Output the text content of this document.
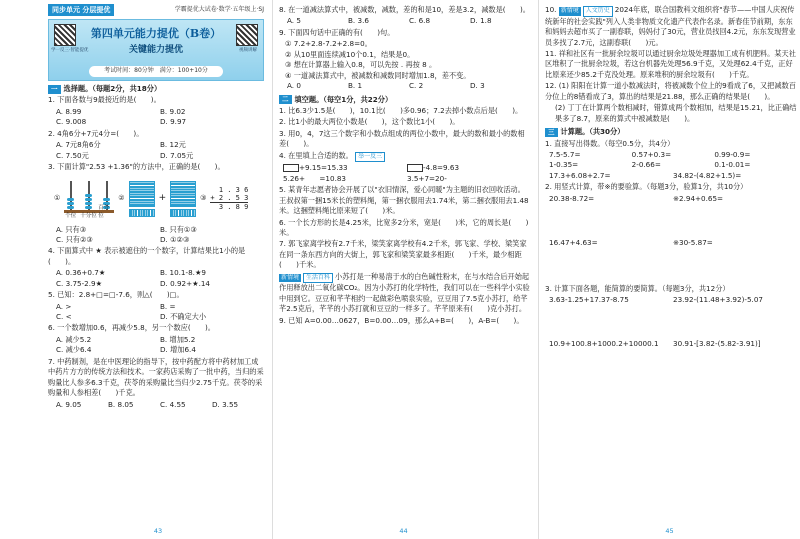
同步单元 分层提优	学霸提优大试卷·数学·五年级上·SJ
学一反三·智能提优
第四单元能力提优（B卷）
关键能力提优
考试时间：80分钟　满分：100+10分
视频讲解
一 选择题。（每题2分，共18分）
1. 下面各数与9最接近的是(　　)。
A. 8.99	B. 9.02
C. 9.008	D. 9.97
2. 4角6分+7元4分=(　　)。
A. 7元8角6分	B. 12元
C. 7.50元	D. 7.05元
3. 下面计算"2.53 +1.36"的方法中，正确的是(　　)。
①
个位 十分位
百分位
②	+	③
1 . 3 6
+ 2 . 5 3
3 . 8 9
A. 只有③	B. 只有①③
C. 只有②③	D. ①②③
4. 下面算式中 ★ 表示被遮住的一个数字，计算结果比1小的是(　　)。
A. 0.36+0.7★	B. 10.1-8.★9
C. 3.75-2.9★	D. 0.92+★.14
5. 已知：2.8+□=□-7.6，则△(　　)□。
A. >	B. =
C. <	D. 不确定大小
6. 一个数增加0.6，再减少5.8，另一个数应(　　)。
A. 减少5.2	B. 增加5.2
C. 减少6.4	D. 增加6.4
7. 中药制剂，是在中医理论的指导下，按中药配方将中药材加工成中药片方方的传统方法和技术。一家药店采购了一批中药，当归的采购量比人参多6.3千克，茯苓的采购量比当归少2.75千克。茯苓的采购量和人参相差(　　)千克。
A. 9.05	B. 8.05	C. 4.55	D. 3.55
43
8. 在一道减法算式中，被减数，减数，差的和是10，差是3.2，减数是(　　)。
A. 5	B. 3.6	C. 6.8	D. 1.8
9. 下面四句话中正确的有(　　)句。
① 7.2+2.8-7.2+2.8=0。
② 从10里面连续减10个0.1，结果是0。
③ 想在计算器上输入0.8，可以先按 . 再按 8 。
④ 一道减法算式中，被减数和减数同时增加1.8，差不变。
A. 0	B. 1	C. 2	D. 3
二 填空题。（每空1分，共22分）
1. 比6.3少1.5是(　　)，10.1比(　　)多0.96；7.2去掉小数点后是(　　)。
2. 比1小的最大两位小数是(　　)，这个数比1小(　　)。
3. 用0，4，7这三个数字和小数点组成的两位小数中，最大的数和最小的数相差(　　)。
4. 在里填上合适的数。 举一反三
+9.15=15.33	-4.8=9.63
5.26+　　=10.83	3.5+7=20-　　
5. 某青年志愿者协会开展了以"衣旧情深，爱心同暖"为主题的旧衣回收活动。王叔叔第一捆15米长的塑料绳，第一捆衣服用去1.74米，第二捆衣服用去1.48米。这捆塑料绳比原来短了(　　)米。
6. 一个长方形的长是4.25米，比宽多2分米，宽是(　　)米，它的周长是(　　)米。
7. 郭飞家离学校有2.7千米，梁笑家离学校有4.2千米，郭飞家、学校、梁笑家在同一条东西方向的大街上，郭飞家和梁笑家最多相距(　　)千米，最少相距(　　)千米。
新情境 生活百科 小苏打是一种易溶于水的白色碱性粉末，在与水结合后开始起作用释放出二氧化碳CO₂。因为小苏打的化学特性，我们可以在一些科学小实验中用到它。豆豆和芊芊相约一起做彩色喷泉实验，豆豆用了7.5克小苏打，给芊芊2.5克后，芊芊的小苏打就和豆豆的一样多了。芊芊原来有(　　)克小苏打。
9. 已知 A=0.00…0627，B=0.00…09，那么A+B=(　　)，A-B=(　　)。
44
10. 新情境 人文历史 2024年底，联合国教科文组织将"春节——中国人庆祝传统新年的社会实践"列入人类非物质文化遗产代表作名录。新春佳节前期，东东和妈妈去超市买了一副春联，妈妈付了30元，营业员找回4.2元，东东发现营业员多找了2.7元，这副春联(　　)元。
11. 祥和社区有一批厨余垃圾可以通过厨余垃圾处理器加工成有机肥料。某天社区堆积了一批厨余垃圾，若这台机器先处理56.9千克，又处理62.4千克，正好比原来还少85.2千克没处理。原来堆积的厨余垃圾有(　　)千克。
12. (1) 阳阳在计算一道小数减法时，将被减数个位上的9看成了6，又把减数百分位上的8错看成了3，算出的结果是21.88，那么正确的结果是(　　)。
(2) 丁丁在计算两个数相减时，错算成两个数相加，结果是15.21，比正确结果多了8.7，原来的算式中被减数是(　　)。
三 计算题。（共30分）
1. 直接写出得数。（每空0.5分，共4分）
7.5-5.7=	0.57+0.3=	0.99-0.9=
1-0.35=	2-0.66=	0.1-0.01=
17.3+6.08+2.7=	34.82-(4.82+1.5)=
2. 用竖式计算，带※的要验算。（每题3分，验算1分，共10分）
20.38-8.72=	※2.94+0.65=
16.47+4.63=	※30-5.87=
3. 计算下面各题，能简算的要简算。（每题3分，共12分）
3.63-1.25+17.37-8.75	23.92-(11.48+3.92)-5.07
10.9+100.8+1000.2+10000.1	30.91-[3.82-(5.82-3.91)]
45
